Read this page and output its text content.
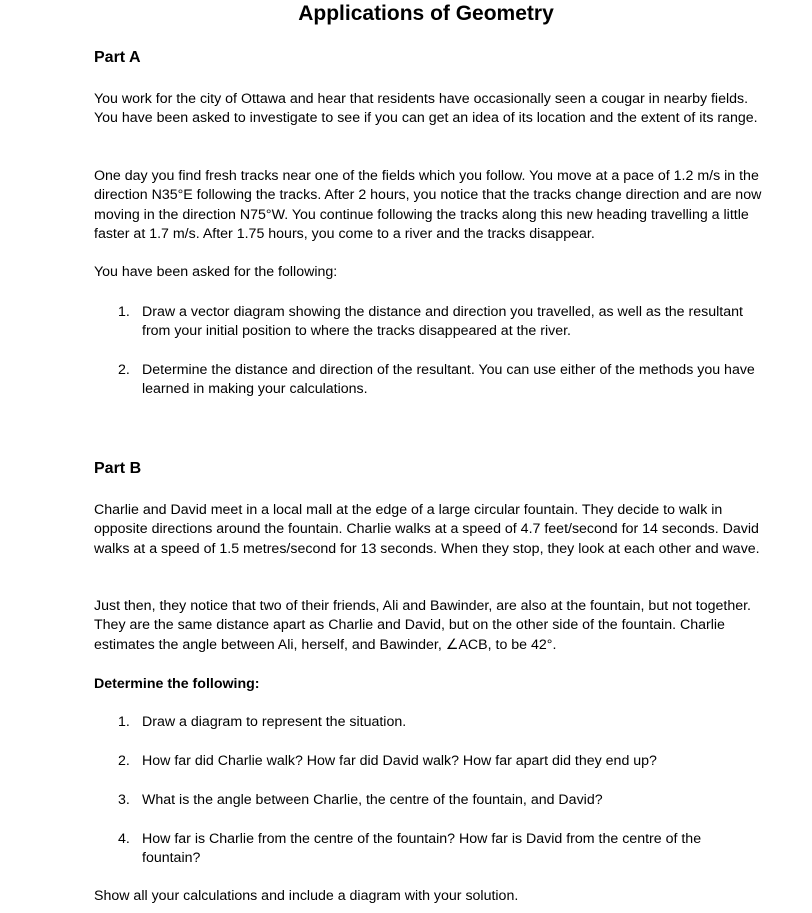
Applications of Geometry
Part A

You work for the city of Ottawa and hear that residents have occasionally seen a cougar in nearby fields. You have been asked to investigate to see if you can get an idea of its location and the extent of its range.

One day you find fresh tracks near one of the fields which you follow. You move at a pace of 1.2 m/s in the direction N35°E following the tracks. After 2 hours, you notice that the tracks change direction and are now moving in the direction N75°W. You continue following the tracks along this new heading travelling a little faster at 1.7 m/s. After 1.75 hours, you come to a river and the tracks disappear.

You have been asked for the following:

1. Draw a vector diagram showing the distance and direction you travelled, as well as the resultant from your initial position to where the tracks disappeared at the river.
2. Determine the distance and direction of the resultant. You can use either of the methods you have learned in making your calculations.
Part B

Charlie and David meet in a local mall at the edge of a large circular fountain. They decide to walk in opposite directions around the fountain. Charlie walks at a speed of 4.7 feet/second for 14 seconds. David walks at a speed of 1.5 metres/second for 13 seconds. When they stop, they look at each other and wave.

Just then, they notice that two of their friends, Ali and Bawinder, are also at the fountain, but not together. They are the same distance apart as Charlie and David, but on the other side of the fountain. Charlie estimates the angle between Ali, herself, and Bawinder, ∠ACB, to be 42°.

Determine the following:

1. Draw a diagram to represent the situation.
2. How far did Charlie walk? How far did David walk? How far apart did they end up?
3. What is the angle between Charlie, the centre of the fountain, and David?
4. How far is Charlie from the centre of the fountain? How far is David from the centre of the fountain?

Show all your calculations and include a diagram with your solution.
